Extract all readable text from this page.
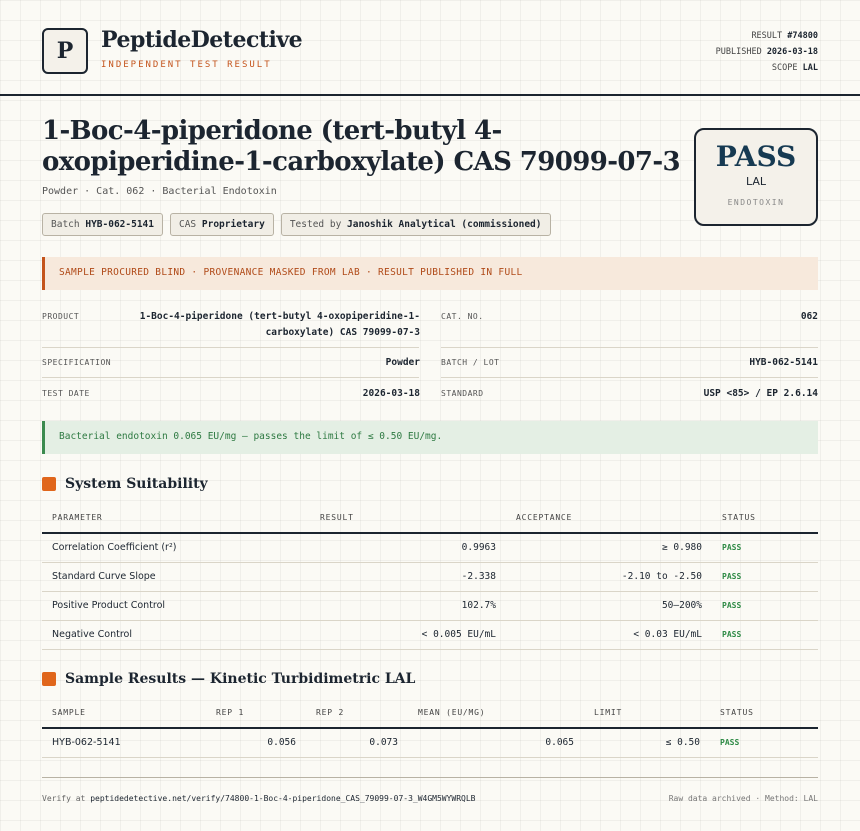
P	PeptideDetective
INDEPENDENT TEST RESULT
RESULT #74800
PUBLISHED 2026-03-18
SCOPE LAL
1-Boc-4-piperidone (tert-butyl 4-oxopiperidine-1-carboxylate) CAS 79099-07-3
Powder · Cat. 062 · Bacterial Endotoxin
Batch HYB-062-5141	CAS Proprietary	Tested by Janoshik Analytical (commissioned)
PASS
LAL
ENDOTOXIN
SAMPLE PROCURED BLIND · PROVENANCE MASKED FROM LAB · RESULT PUBLISHED IN FULL
PRODUCT	1-Boc-4-piperidone (tert-butyl 4-oxopiperidine-1-carboxylate) CAS 79099-07-3
CAT. NO.	062
SPECIFICATION	Powder	BATCH / LOT	HYB-062-5141
TEST DATE	2026-03-18	STANDARD	USP <85> / EP 2.6.14
Bacterial endotoxin 0.065 EU/mg — passes the limit of ≤ 0.50 EU/mg.
System Suitability
PARAMETER	RESULT	ACCEPTANCE	STATUS
Correlation Coefficient (r²)	0.9963	≥ 0.980	PASS
Standard Curve Slope	-2.338	-2.10 to -2.50	PASS
Positive Product Control	102.7%	50–200%	PASS
Negative Control	< 0.005 EU/mL	< 0.03 EU/mL	PASS
Sample Results — Kinetic Turbidimetric LAL
SAMPLE	REP 1	REP 2	MEAN (EU/MG)	LIMIT	STATUS
HYB-062-5141	0.056	0.073	0.065	≤ 0.50	PASS
Verify at peptidedetective.net/verify/74800-1-Boc-4-piperidone_CAS_79099-07-3_W4GM5WYWRQLB	Raw data archived · Method: LAL
